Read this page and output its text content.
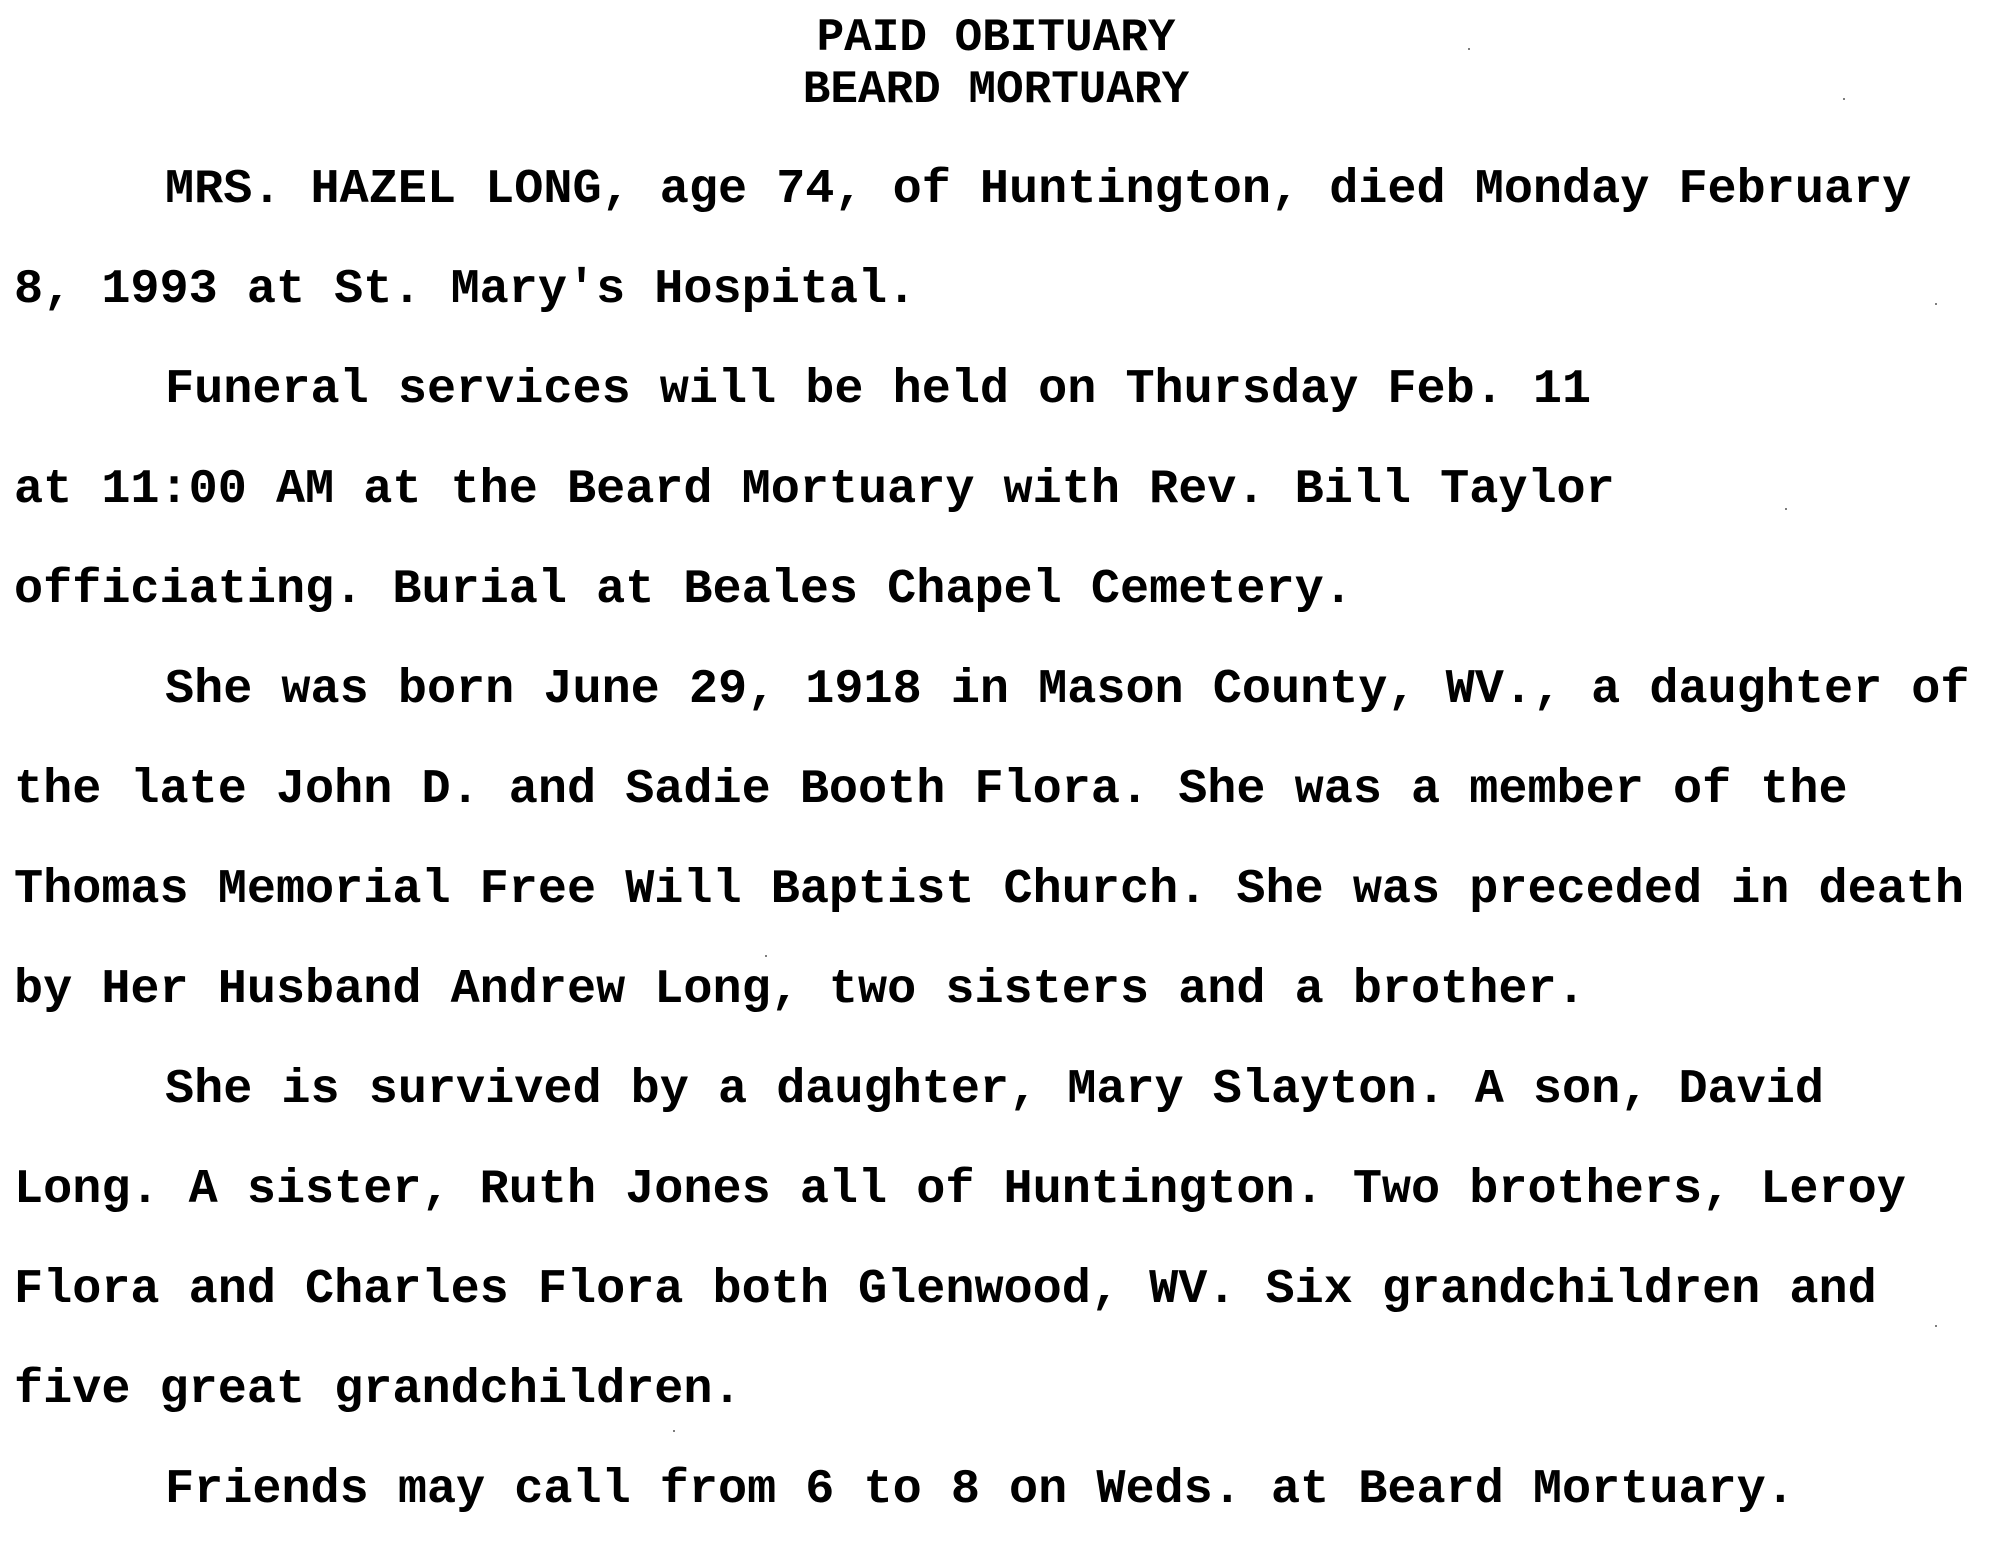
PAID OBITUARY
BEARD MORTUARY
MRS. HAZEL LONG, age 74, of Huntington, died Monday February
8, 1993 at St. Mary's Hospital.
Funeral services will be held on Thursday Feb. 11
at 11:00 AM at the Beard Mortuary with Rev. Bill Taylor
officiating. Burial at Beales Chapel Cemetery.
She was born June 29, 1918 in Mason County, WV., a daughter of
the late John D. and Sadie Booth Flora. She was a member of the
Thomas Memorial Free Will Baptist Church. She was preceded in death
by Her Husband Andrew Long, two sisters and a brother.
She is survived by a daughter, Mary Slayton. A son, David
Long. A sister, Ruth Jones all of Huntington. Two brothers, Leroy
Flora and Charles Flora both Glenwood, WV. Six grandchildren and
five great grandchildren.
Friends may call from 6 to 8 on Weds. at Beard Mortuary.
